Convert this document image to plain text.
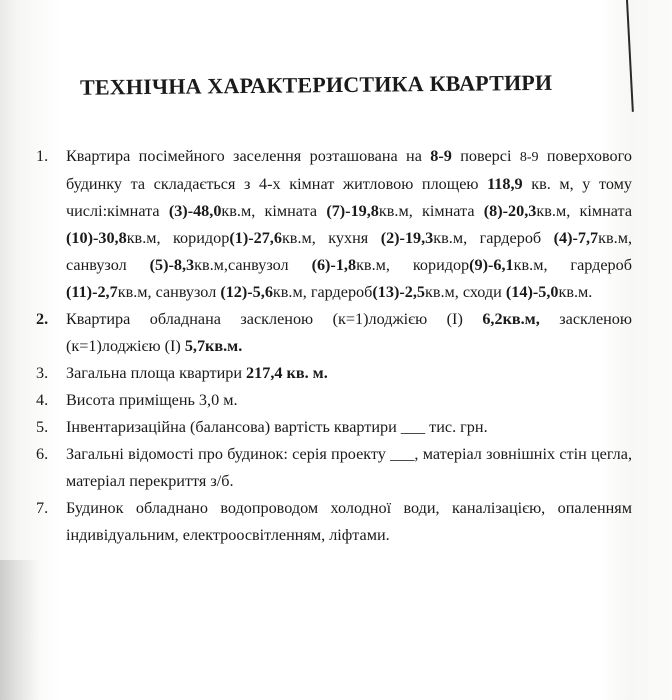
ТЕХНІЧНА ХАРАКТЕРИСТИКА КВАРТИРИ
1. Квартира посімейного заселення розташована на 8-9 поверсі 8-9 поверхового будинку та складається з 4-х кімнат житловою площею 118,9 кв. м, у тому числі:кімната (3)-48,0кв.м, кімната (7)-19,8кв.м, кімната (8)-20,3кв.м, кімната (10)-30,8кв.м, коридор(1)-27,6кв.м, кухня (2)-19,3кв.м, гардероб (4)-7,7кв.м, санвузол (5)-8,3кв.м,санвузол (6)-1,8кв.м, коридор(9)-6,1кв.м, гардероб (11)-2,7кв.м, санвузол (12)-5,6кв.м, гардероб(13)-2,5кв.м, сходи (14)-5,0кв.м.
2. Квартира обладнана заскленою (к=1)лоджією (І) 6,2кв.м, заскленою (к=1)лоджією (І) 5,7кв.м.
3. Загальна площа квартири 217,4 кв. м.
4. Висота приміщень 3,0 м.
5. Інвентаризаційна (балансова) вартість квартири ___ тис. грн.
6. Загальні відомості про будинок: серія проекту ___, матеріал зовнішніх стін цегла, матеріал перекриття з/б.
7. Будинок обладнано водопроводом холодної води, каналізацією, опаленням індивідуальним, електроосвітленням, ліфтами.
